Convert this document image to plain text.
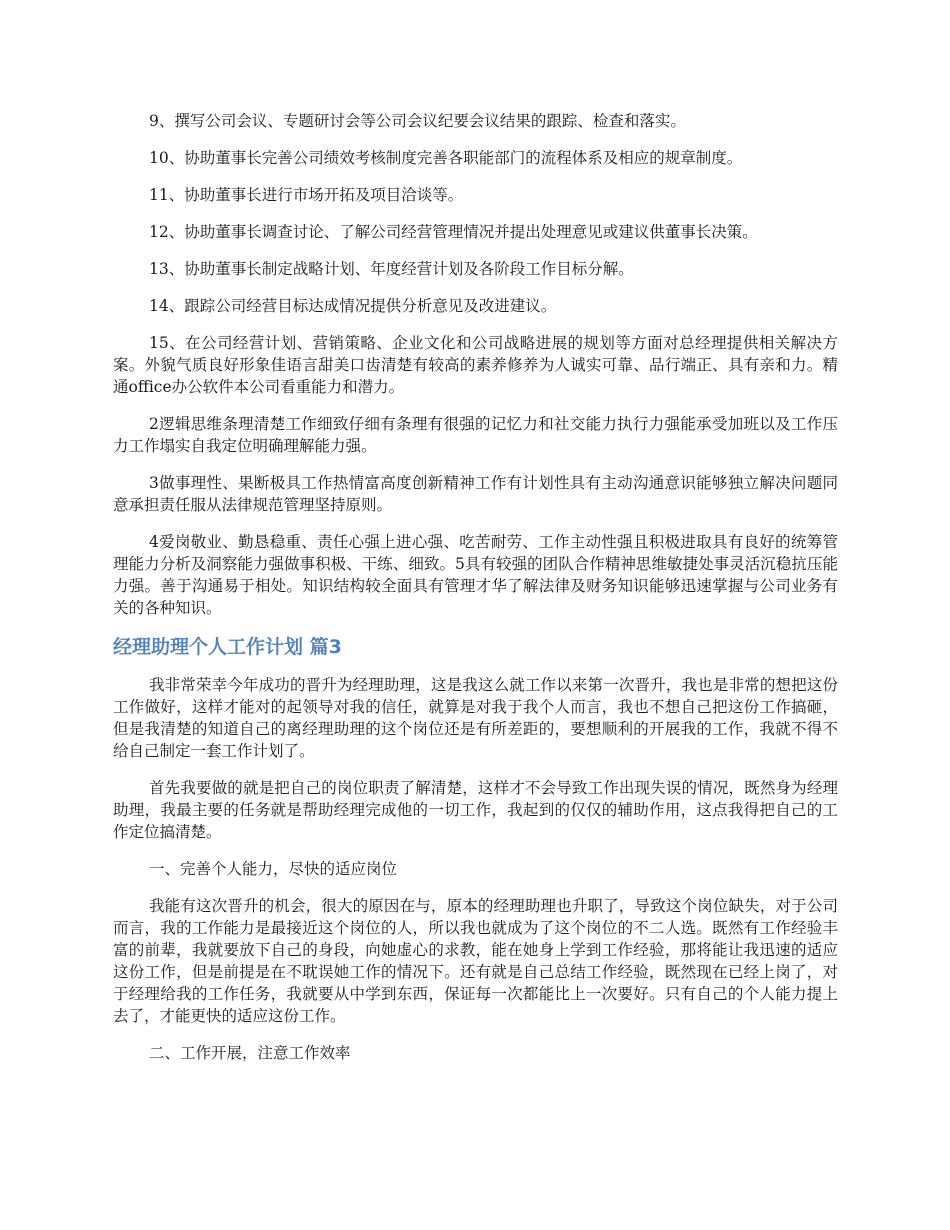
9、撰写公司会议、专题研讨会等公司会议纪要会议结果的跟踪、检查和落实。

10、协助董事长完善公司绩效考核制度完善各职能部门的流程体系及相应的规章制度。

11、协助董事长进行市场开拓及项目洽谈等。

12、协助董事长调查讨论、了解公司经营管理情况并提出处理意见或建议供董事长决策。

13、协助董事长制定战略计划、年度经营计划及各阶段工作目标分解。

14、跟踪公司经营目标达成情况提供分析意见及改进建议。

15、在公司经营计划、营销策略、企业文化和公司战略进展的规划等方面对总经理提供相关解决方案。外貌气质良好形象佳语言甜美口齿清楚有较高的素养修养为人诚实可靠、品行端正、具有亲和力。精通office办公软件本公司看重能力和潜力。

2逻辑思维条理清楚工作细致仔细有条理有很强的记忆力和社交能力执行力强能承受加班以及工作压力工作塌实自我定位明确理解能力强。

3做事理性、果断极具工作热情富高度创新精神工作有计划性具有主动沟通意识能够独立解决问题同意承担责任服从法律规范管理坚持原则。

4爱岗敬业、勤恳稳重、责任心强上进心强、吃苦耐劳、工作主动性强且积极进取具有良好的统筹管理能力分析及洞察能力强做事积极、干练、细致。5具有较强的团队合作精神思维敏捷处事灵活沉稳抗压能力强。善于沟通易于相处。知识结构较全面具有管理才华了解法律及财务知识能够迅速掌握与公司业务有关的各种知识。

经理助理个人工作计划 篇3

我非常荣幸今年成功的晋升为经理助理，这是我这么就工作以来第一次晋升，我也是非常的想把这份工作做好，这样才能对的起领导对我的信任，就算是对我于我个人而言，我也不想自己把这份工作搞砸，但是我清楚的知道自己的离经理助理的这个岗位还是有所差距的，要想顺利的开展我的工作，我就不得不给自己制定一套工作计划了。

首先我要做的就是把自己的岗位职责了解清楚，这样才不会导致工作出现失误的情况，既然身为经理助理，我最主要的任务就是帮助经理完成他的一切工作，我起到的仅仅的辅助作用，这点我得把自己的工作定位搞清楚。

一、完善个人能力，尽快的适应岗位

我能有这次晋升的机会，很大的原因在与，原本的经理助理也升职了，导致这个岗位缺失，对于公司而言，我的工作能力是最接近这个岗位的人，所以我也就成为了这个岗位的不二人选。既然有工作经验丰富的前辈，我就要放下自己的身段，向她虚心的求教，能在她身上学到工作经验，那将能让我迅速的适应这份工作，但是前提是在不耽误她工作的情况下。还有就是自己总结工作经验，既然现在已经上岗了，对于经理给我的工作任务，我就要从中学到东西，保证每一次都能比上一次要好。只有自己的个人能力提上去了，才能更快的适应这份工作。

二、工作开展，注意工作效率
